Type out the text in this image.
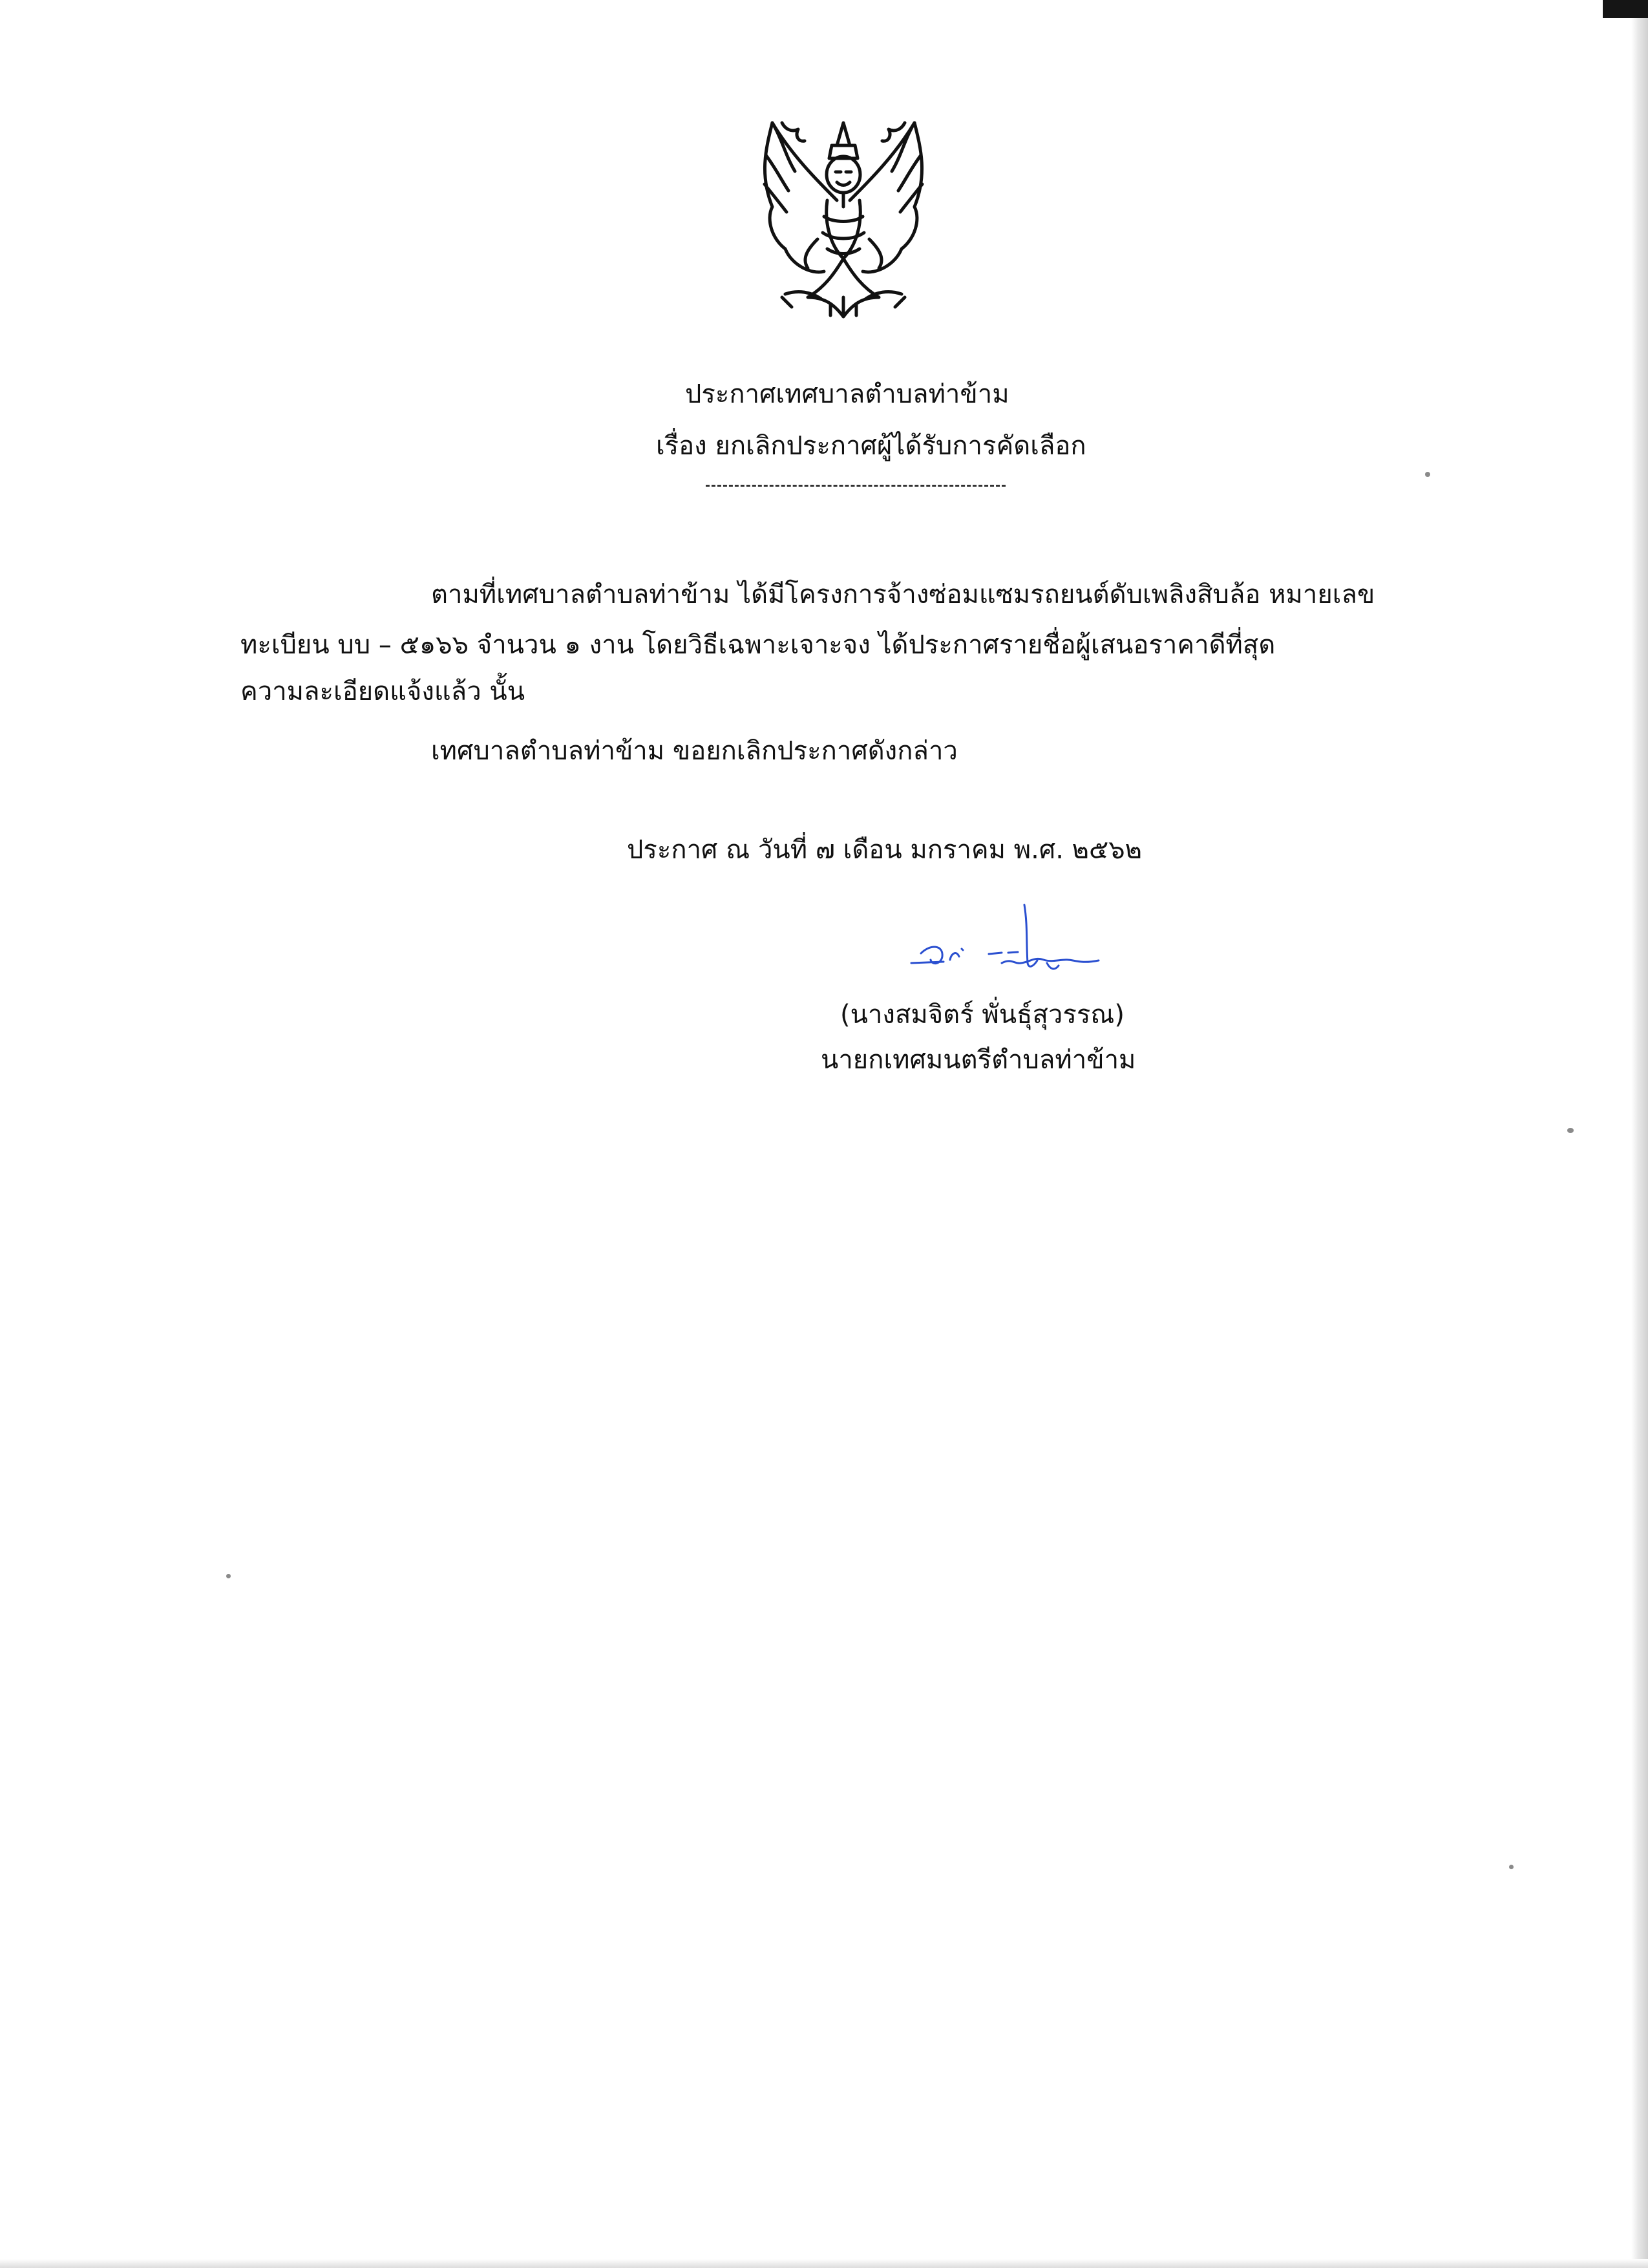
ประกาศเทศบาลตำบลท่าข้าม
เรื่อง ยกเลิกประกาศผู้ได้รับการคัดเลือก
ตามที่เทศบาลตำบลท่าข้าม ได้มีโครงการจ้างซ่อมแซมรถยนต์ดับเพลิงสิบล้อ หมายเลข
ทะเบียน บบ – ๕๑๖๖ จำนวน ๑ งาน โดยวิธีเฉพาะเจาะจง ได้ประกาศรายชื่อผู้เสนอราคาดีที่สุด
ความละเอียดแจ้งแล้ว นั้น
เทศบาลตำบลท่าข้าม ขอยกเลิกประกาศดังกล่าว
ประกาศ ณ วันที่ ๗ เดือน มกราคม พ.ศ. ๒๕๖๒
(นางสมจิตร์ พั่นธุ์สุวรรณ)
นายกเทศมนตรีตำบลท่าข้าม
